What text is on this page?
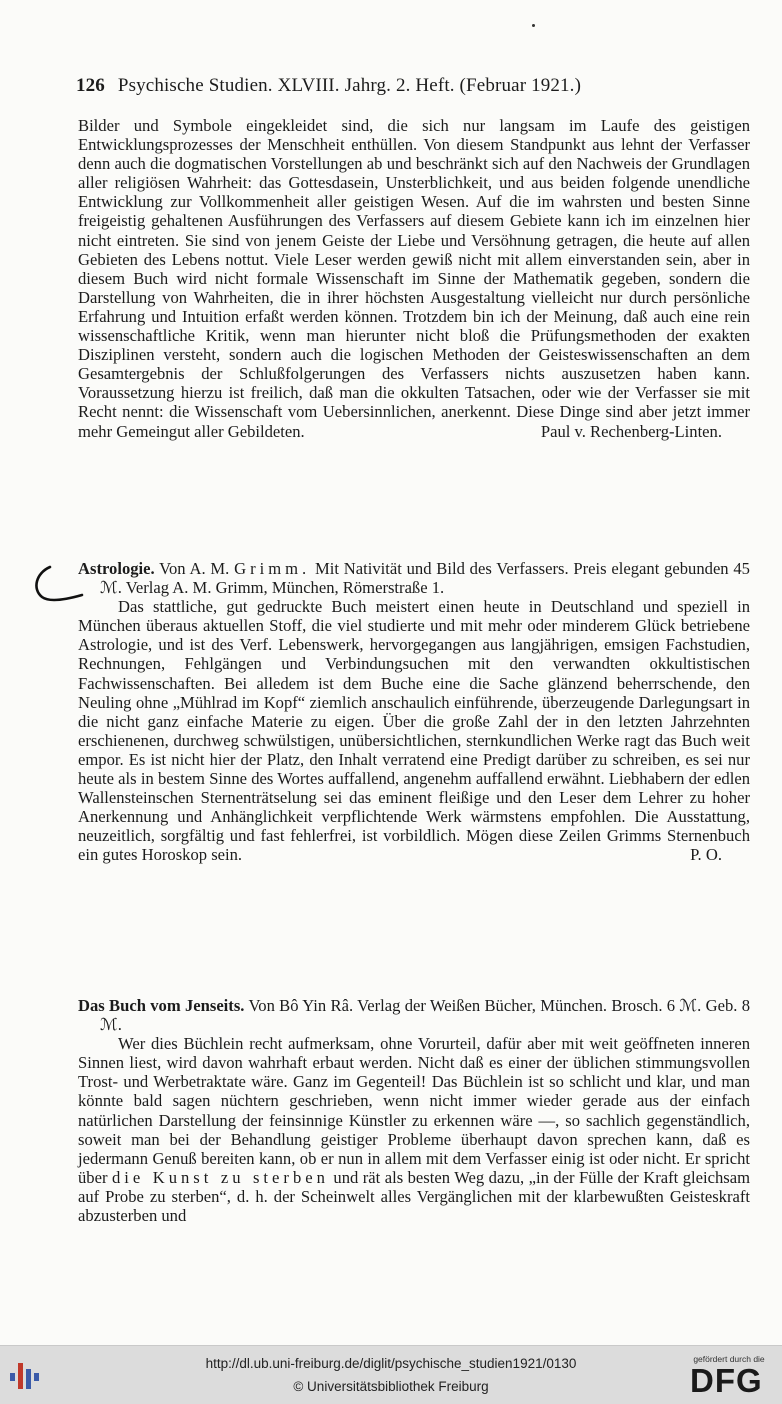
126 Psychische Studien. XLVIII. Jahrg. 2. Heft. (Februar 1921.)

Bilder und Symbole eingekleidet sind, die sich nur langsam im Laufe des geistigen Entwicklungsprozesses der Menschheit enthüllen. Von diesem Standpunkt aus lehnt der Verfasser denn auch die dogmatischen Vorstellungen ab und beschränkt sich auf den Nachweis der Grundlagen aller religiösen Wahrheit: das Gottesdasein, Unsterblichkeit, und aus beiden folgende unendliche Entwicklung zur Vollkommenheit aller geistigen Wesen. Auf die im wahrsten und besten Sinne freigeistig gehaltenen Ausführungen des Verfassers auf diesem Gebiete kann ich im einzelnen hier nicht eintreten. Sie sind von jenem Geiste der Liebe und Versöhnung getragen, die heute auf allen Gebieten des Lebens nottut. Viele Leser werden gewiß nicht mit allem einverstanden sein, aber in diesem Buch wird nicht formale Wissenschaft im Sinne der Mathematik gegeben, sondern die Darstellung von Wahrheiten, die in ihrer höchsten Ausgestaltung vielleicht nur durch persönliche Erfahrung und Intuition erfaßt werden können. Trotzdem bin ich der Meinung, daß auch eine rein wissenschaftliche Kritik, wenn man hierunter nicht bloß die Prüfungsmethoden der exakten Disziplinen versteht, sondern auch die logischen Methoden der Geisteswissenschaften an dem Gesamtergebnis der Schlußfolgerungen des Verfassers nichts auszusetzen haben kann. Voraussetzung hierzu ist freilich, daß man die okkulten Tatsachen, oder wie der Verfasser sie mit Recht nennt: die Wissenschaft vom Uebersinnlichen, anerkennt. Diese Dinge sind aber jetzt immer mehr Gemeingut aller Gebildeten.	Paul v. Rechenberg-Linten.

Astrologie. Von A. M. Grimm. Mit Nativität und Bild des Verfassers. Preis elegant gebunden 45 ℳ. Verlag A. M. Grimm, München, Römerstraße 1.

Das stattliche, gut gedruckte Buch meistert einen heute in Deutschland und speziell in München überaus aktuellen Stoff, die viel studierte und mit mehr oder minderem Glück betriebene Astrologie, und ist des Verf. Lebenswerk, hervorgegangen aus langjährigen, emsigen Fachstudien, Rechnungen, Fehlgängen und Verbindungsuchen mit den verwandten okkultistischen Fachwissenschaften. Bei alledem ist dem Buche eine die Sache glänzend beherrschende, den Neuling ohne „Mühlrad im Kopf“ ziemlich anschaulich einführende, überzeugende Darlegungsart in die nicht ganz einfache Materie zu eigen. Über die große Zahl der in den letzten Jahrzehnten erschienenen, durchweg schwülstigen, unübersichtlichen, sternkundlichen Werke ragt das Buch weit empor. Es ist nicht hier der Platz, den Inhalt verratend eine Predigt darüber zu schreiben, es sei nur heute als in bestem Sinne des Wortes auffallend, angenehm auffallend erwähnt. Liebhabern der edlen Wallensteinschen Sternenträtselung sei das eminent fleißige und den Leser dem Lehrer zu hoher Anerkennung und Anhänglichkeit verpflichtende Werk wärmstens empfohlen. Die Ausstattung, neuzeitlich, sorgfältig und fast fehlerfrei, ist vorbildlich. Mögen diese Zeilen Grimms Sternenbuch ein gutes Horoskop sein.	P. O.

Das Buch vom Jenseits. Von Bô Yin Râ. Verlag der Weißen Bücher, München. Brosch. 6 ℳ. Geb. 8 ℳ.

Wer dies Büchlein recht aufmerksam, ohne Vorurteil, dafür aber mit weit geöffneten inneren Sinnen liest, wird davon wahrhaft erbaut werden. Nicht daß es einer der üblichen stimmungsvollen Trost- und Werbetraktate wäre. Ganz im Gegenteil! Das Büchlein ist so schlicht und klar, und man könnte bald sagen nüchtern geschrieben, wenn nicht immer wieder gerade aus der einfach natürlichen Darstellung der feinsinnige Künstler zu erkennen wäre —, so sachlich gegenständlich, soweit man bei der Behandlung geistiger Probleme überhaupt davon sprechen kann, daß es jedermann Genuß bereiten kann, ob er nun in allem mit dem Verfasser einig ist oder nicht. Er spricht über die Kunst zu sterben und rät als besten Weg dazu, „in der Fülle der Kraft gleichsam auf Probe zu sterben“, d. h. der Scheinwelt alles Vergänglichen mit der klarbewußten Geisteskraft abzusterben und

http://dl.ub.uni-freiburg.de/diglit/psychische_studien1921/0130
© Universitätsbibliothek Freiburg
gefördert durch die
DFG
